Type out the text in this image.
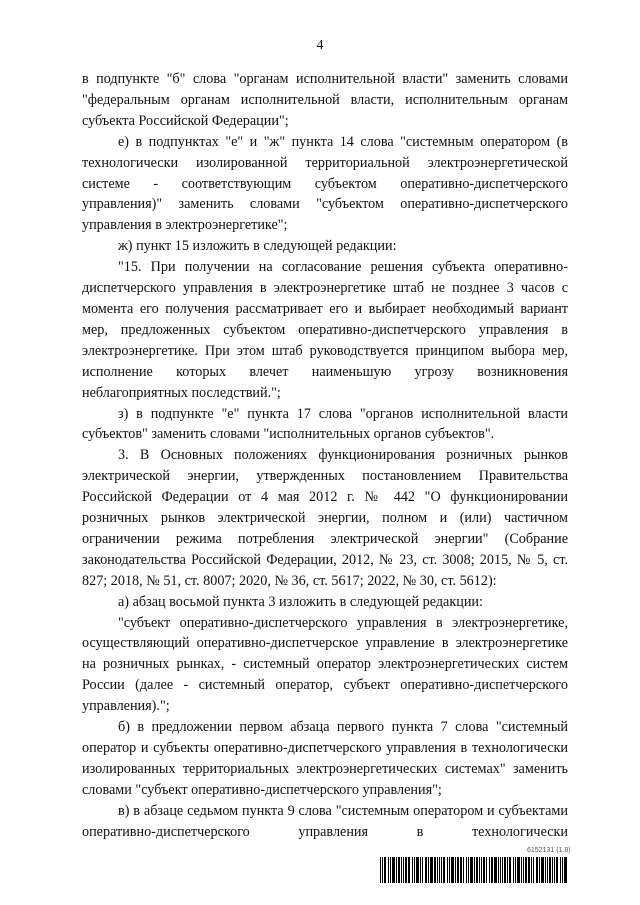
4

в подпункте "б" слова "органам исполнительной власти" заменить словами "федеральным органам исполнительной власти, исполнительным органам субъекта Российской Федерации";

е) в подпунктах "е" и "ж" пункта 14 слова "системным оператором (в технологически изолированной территориальной электроэнергетической системе - соответствующим субъектом оперативно-диспетчерского управления)" заменить словами "субъектом оперативно-диспетчерского управления в электроэнергетике";

ж) пункт 15 изложить в следующей редакции:

"15. При получении на согласование решения субъекта оперативно-диспетчерского управления в электроэнергетике штаб не позднее 3 часов с момента его получения рассматривает его и выбирает необходимый вариант мер, предложенных субъектом оперативно-диспетчерского управления в электроэнергетике. При этом штаб руководствуется принципом выбора мер, исполнение которых влечет наименьшую угрозу возникновения неблагоприятных последствий.";

з) в подпункте "е" пункта 17 слова "органов исполнительной власти субъектов" заменить словами "исполнительных органов субъектов".

3. В Основных положениях функционирования розничных рынков электрической энергии, утвержденных постановлением Правительства Российской Федерации от 4 мая 2012 г. № 442 "О функционировании розничных рынков электрической энергии, полном и (или) частичном ограничении режима потребления электрической энергии" (Собрание законодательства Российской Федерации, 2012, № 23, ст. 3008; 2015, № 5, ст. 827; 2018, № 51, ст. 8007; 2020, № 36, ст. 5617; 2022, № 30, ст. 5612):

а) абзац восьмой пункта 3 изложить в следующей редакции:

"субъект оперативно-диспетчерского управления в электроэнергетике, осуществляющий оперативно-диспетчерское управление в электроэнергетике на розничных рынках, - системный оператор электроэнергетических систем России (далее - системный оператор, субъект оперативно-диспетчерского управления).";

б) в предложении первом абзаца первого пункта 7 слова "системный оператор и субъекты оперативно-диспетчерского управления в технологически изолированных территориальных электроэнергетических системах" заменить словами "субъект оперативно-диспетчерского управления";

в) в абзаце седьмом пункта 9 слова "системным оператором и субъектами оперативно-диспетчерского управления в технологически

6152131 (1.8)
